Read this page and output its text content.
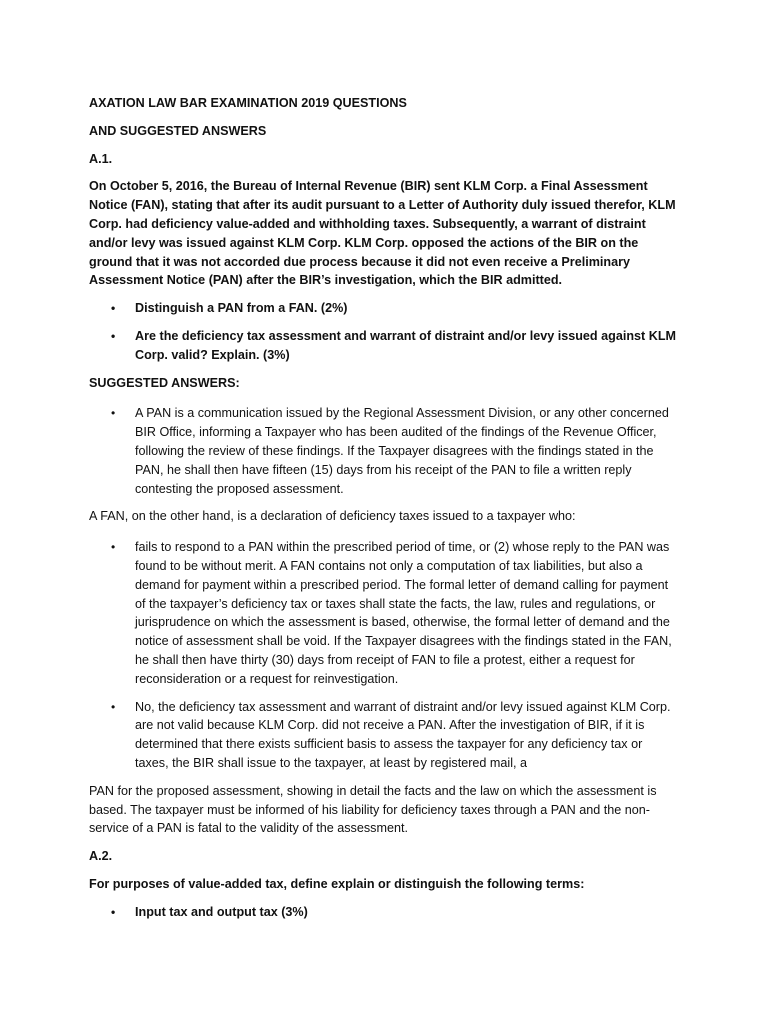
AXATION LAW BAR EXAMINATION 2019 QUESTIONS

AND SUGGESTED ANSWERS

A.1.

On October 5, 2016, the Bureau of Internal Revenue (BIR) sent KLM Corp. a Final Assessment Notice (FAN), stating that after its audit pursuant to a Letter of Authority duly issued therefor, KLM Corp. had deficiency value-added and withholding taxes. Subsequently, a warrant of distraint and/or levy was issued against KLM Corp. KLM Corp. opposed the actions of the BIR on the ground that it was not accorded due process because it did not even receive a Preliminary Assessment Notice (PAN) after the BIR’s investigation, which the BIR admitted.

• Distinguish a PAN from a FAN. (2%)
• Are the deficiency tax assessment and warrant of distraint and/or levy issued against KLM Corp. valid? Explain. (3%)

SUGGESTED ANSWERS:

• A PAN is a communication issued by the Regional Assessment Division, or any other concerned BIR Office, informing a Taxpayer who has been audited of the findings of the Revenue Officer, following the review of these findings. If the Taxpayer disagrees with the findings stated in the PAN, he shall then have fifteen (15) days from his receipt of the PAN to file a written reply contesting the proposed assessment.

A FAN, on the other hand, is a declaration of deficiency taxes issued to a taxpayer who:

• fails to respond to a PAN within the prescribed period of time, or (2) whose reply to the PAN was found to be without merit. A FAN contains not only a computation of tax liabilities, but also a demand for payment within a prescribed period. The formal letter of demand calling for payment of the taxpayer’s deficiency tax or taxes shall state the facts, the law, rules and regulations, or jurisprudence on which the assessment is based, otherwise, the formal letter of demand and the notice of assessment shall be void. If the Taxpayer disagrees with the findings stated in the FAN, he shall then have thirty (30) days from receipt of FAN to file a protest, either a request for reconsideration or a request for reinvestigation.
• No, the deficiency tax assessment and warrant of distraint and/or levy issued against KLM Corp. are not valid because KLM Corp. did not receive a PAN. After the investigation of BIR, if it is determined that there exists sufficient basis to assess the taxpayer for any deficiency tax or taxes, the BIR shall issue to the taxpayer, at least by registered mail, a

PAN for the proposed assessment, showing in detail the facts and the law on which the assessment is based. The taxpayer must be informed of his liability for deficiency taxes through a PAN and the non-service of a PAN is fatal to the validity of the assessment.

A.2.

For purposes of value-added tax, define explain or distinguish the following terms:

• Input tax and output tax (3%)
